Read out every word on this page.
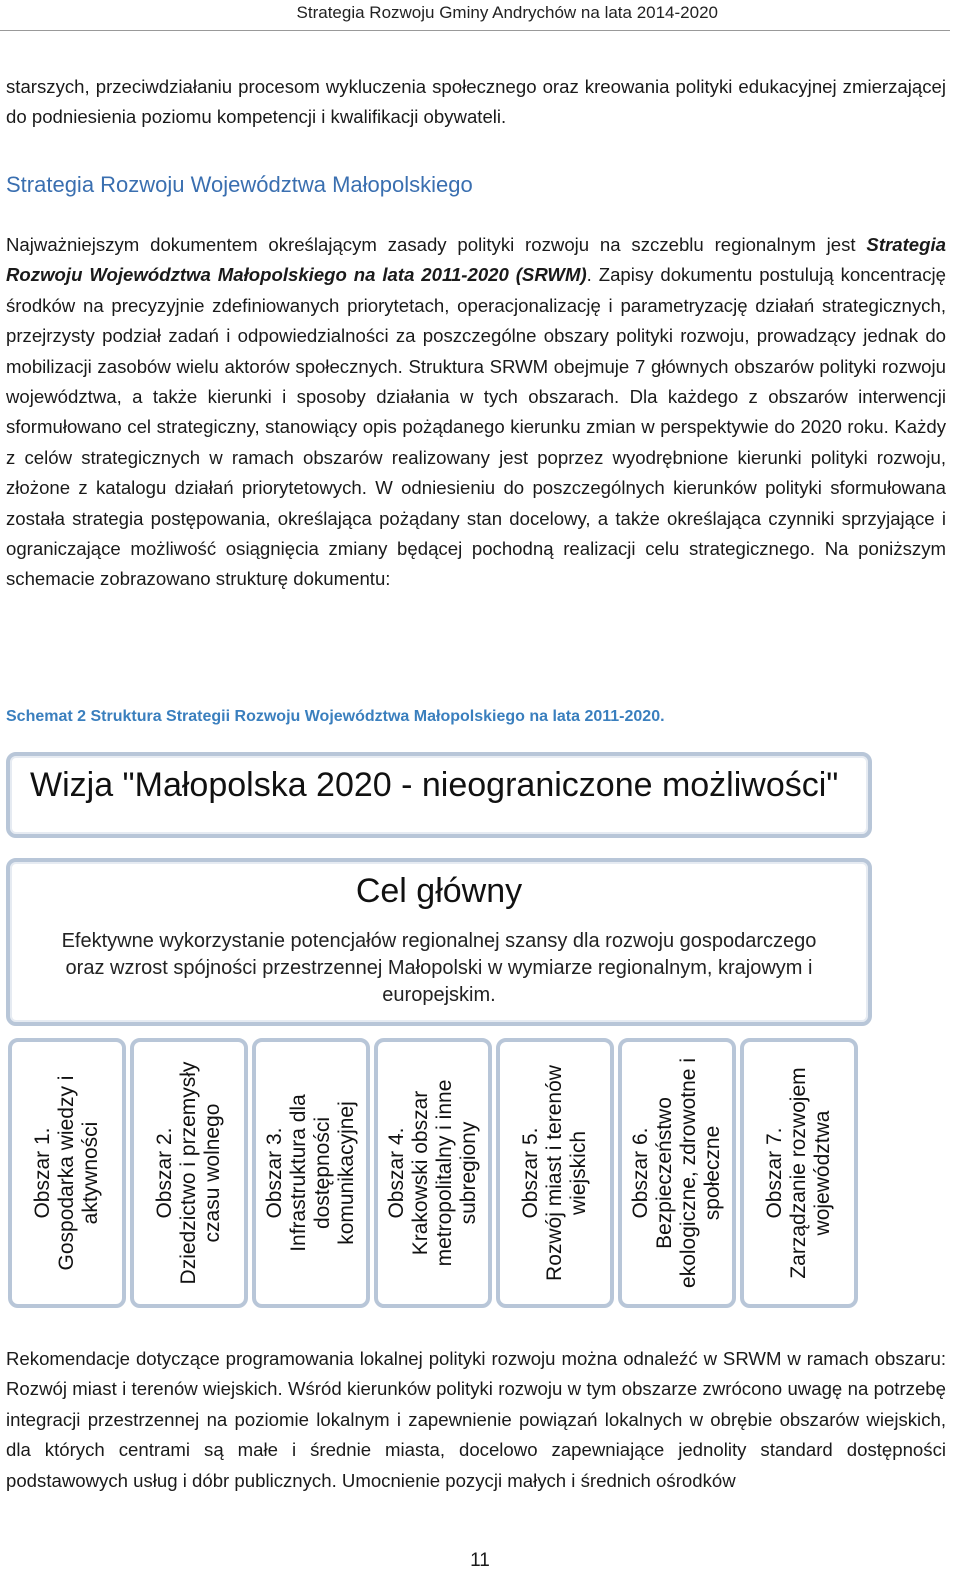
Strategia Rozwoju Gminy Andrychów na lata 2014-2020

starszych, przeciwdziałaniu procesom wykluczenia społecznego oraz kreowania polityki edukacyjnej zmierzającej do podniesienia poziomu kompetencji i kwalifikacji obywateli.

Strategia Rozwoju Województwa Małopolskiego

Najważniejszym dokumentem określającym zasady polityki rozwoju na szczeblu regionalnym jest Strategia Rozwoju Województwa Małopolskiego na lata 2011-2020 (SRWM). Zapisy dokumentu postulują koncentrację środków na precyzyjnie zdefiniowanych priorytetach, operacjonalizację i parametryzację działań strategicznych, przejrzysty podział zadań i odpowiedzialności za poszczególne obszary polityki rozwoju, prowadzący jednak do mobilizacji zasobów wielu aktorów społecznych. Struktura SRWM obejmuje 7 głównych obszarów polityki rozwoju województwa, a także kierunki i sposoby działania w tych obszarach. Dla każdego z obszarów interwencji sformułowano cel strategiczny, stanowiący opis pożądanego kierunku zmian w perspektywie do 2020 roku. Każdy z celów strategicznych w ramach obszarów realizowany jest poprzez wyodrębnione kierunki polityki rozwoju, złożone z katalogu działań priorytetowych. W odniesieniu do poszczególnych kierunków polityki sformułowana została strategia postępowania, określająca pożądany stan docelowy, a także określająca czynniki sprzyjające i ograniczające możliwość osiągnięcia zmiany będącej pochodną realizacji celu strategicznego. Na poniższym schemacie zobrazowano strukturę dokumentu:

Schemat 2 Struktura Strategii Rozwoju Województwa Małopolskiego na lata 2011-2020.
Wizja "Małopolska 2020 - nieograniczone możliwości"
Cel główny
Efektywne wykorzystanie potencjałów regionalnej szansy dla rozwoju gospodarczego oraz wzrost spójności przestrzennej Małopolski w wymiarze regionalnym, krajowym i europejskim.
Obszar 1. Gospodarka wiedzy i aktywności Obszar 2. Dziedzictwo i przemysły czasu wolnego Obszar 3. Infrastruktura dla dostępności komunikacyjnej Obszar 4. Krakowski obszar metropolitalny i inne subregiony Obszar 5. Rozwój miast i terenów wiejskich Obszar 6. Bezpieczeństwo ekologiczne, zdrowotne i społeczne Obszar 7. Zarządzanie rozwojem województwa

Rekomendacje dotyczące programowania lokalnej polityki rozwoju można odnaleźć w SRWM w ramach obszaru: Rozwój miast i terenów wiejskich. Wśród kierunków polityki rozwoju w tym obszarze zwrócono uwagę na potrzebę integracji przestrzennej na poziomie lokalnym i zapewnienie powiązań lokalnych w obrębie obszarów wiejskich, dla których centrami są małe i średnie miasta, docelowo zapewniające jednolity standard dostępności podstawowych usług i dóbr publicznych. Umocnienie pozycji małych i średnich ośrodków

11
